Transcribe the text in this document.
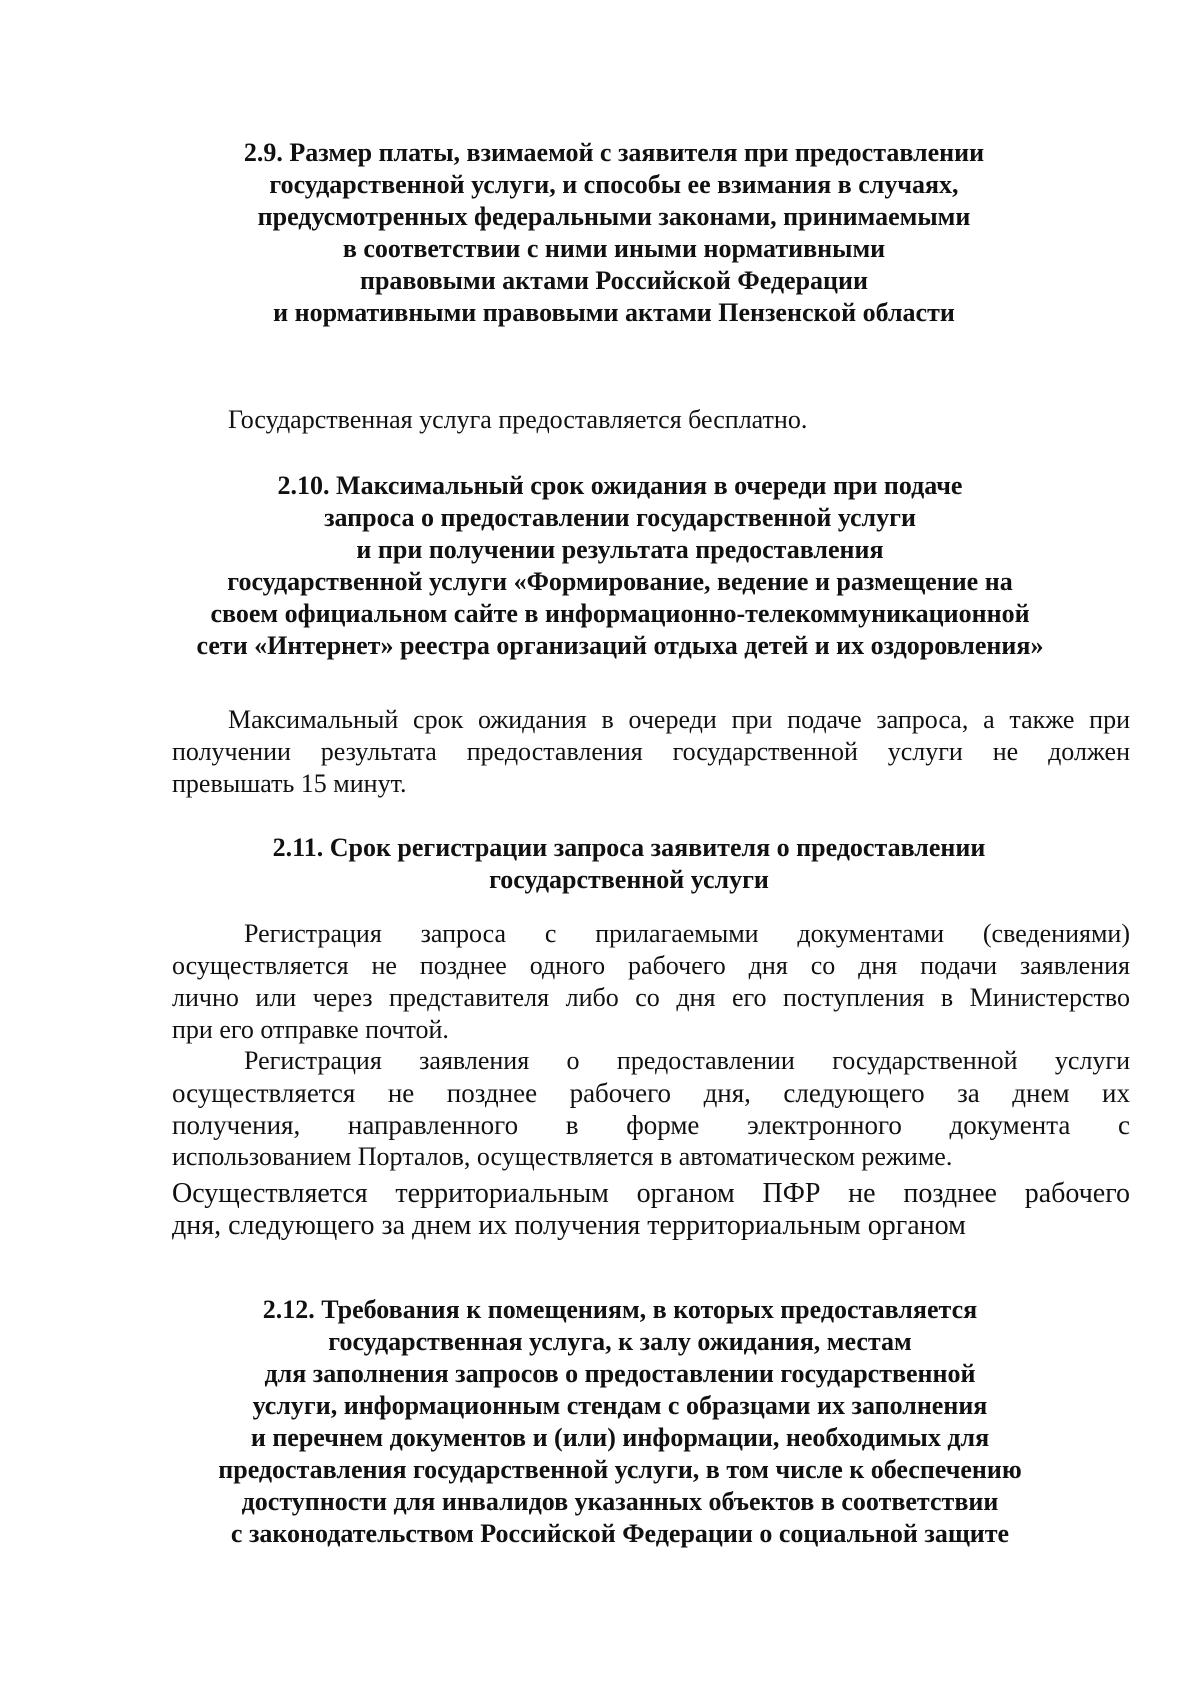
2.9. Размер платы, взимаемой с заявителя при предоставлении
государственной услуги, и способы ее взимания в случаях,
предусмотренных федеральными законами, принимаемыми
в соответствии с ними иными нормативными
правовыми актами Российской Федерации
и нормативными правовыми актами Пензенской области
Государственная услуга предоставляется бесплатно.
2.10. Максимальный срок ожидания в очереди при подаче
запроса о предоставлении государственной услуги
и при получении результата предоставления
государственной услуги «Формирование, ведение и размещение на
своем официальном сайте в информационно-телекоммуникационной
сети «Интернет» реестра организаций отдыха детей и их оздоровления»
Максимальный срок ожидания в очереди при подаче запроса, а также при
получении результата предоставления государственной услуги не должен
превышать 15 минут.
2.11. Срок регистрации запроса заявителя о предоставлении
государственной услуги
Регистрация запроса с прилагаемыми документами (сведениями)
осуществляется не позднее одного рабочего дня со дня подачи заявления
лично или через представителя либо со дня его поступления в Министерство
при его отправке почтой.
Регистрация заявления о предоставлении государственной услуги
осуществляется не позднее рабочего дня, следующего за днем их
получения, направленного в форме электронного документа с
использованием Порталов, осуществляется в автоматическом режиме.
Осуществляется территориальным органом ПФР не позднее рабочего
дня, следующего за днем их получения территориальным органом
2.12. Требования к помещениям, в которых предоставляется
государственная услуга, к залу ожидания, местам
для заполнения запросов о предоставлении государственной
услуги, информационным стендам с образцами их заполнения
и перечнем документов и (или) информации, необходимых для
предоставления государственной услуги, в том числе к обеспечению
доступности для инвалидов указанных объектов в соответствии
с законодательством Российской Федерации о социальной защите
